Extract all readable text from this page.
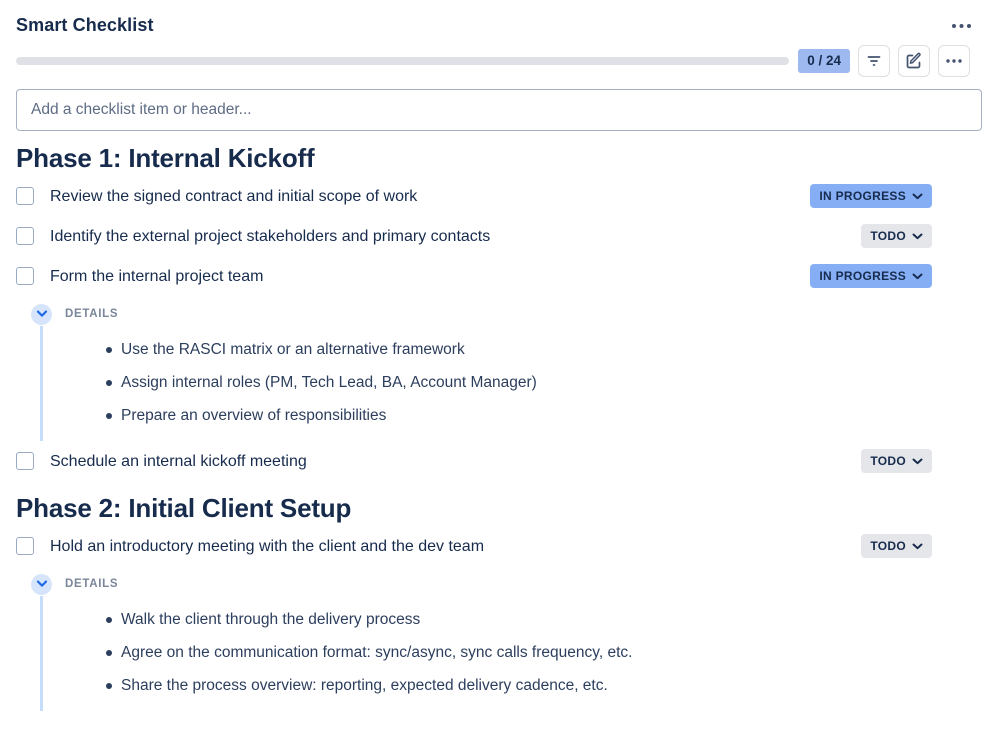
Smart Checklist
0 / 24
Add a checklist item or header...
Phase 1: Internal Kickoff
Review the signed contract and initial scope of work	IN PROGRESS
Identify the external project stakeholders and primary contacts	TODO
Form the internal project team	IN PROGRESS
DETAILS
Use the RASCI matrix or an alternative framework
Assign internal roles (PM, Tech Lead, BA, Account Manager)
Prepare an overview of responsibilities
Schedule an internal kickoff meeting	TODO
Phase 2: Initial Client Setup
Hold an introductory meeting with the client and the dev team	TODO
DETAILS
Walk the client through the delivery process
Agree on the communication format: sync/async, sync calls frequency, etc.
Share the process overview: reporting, expected delivery cadence, etc.
